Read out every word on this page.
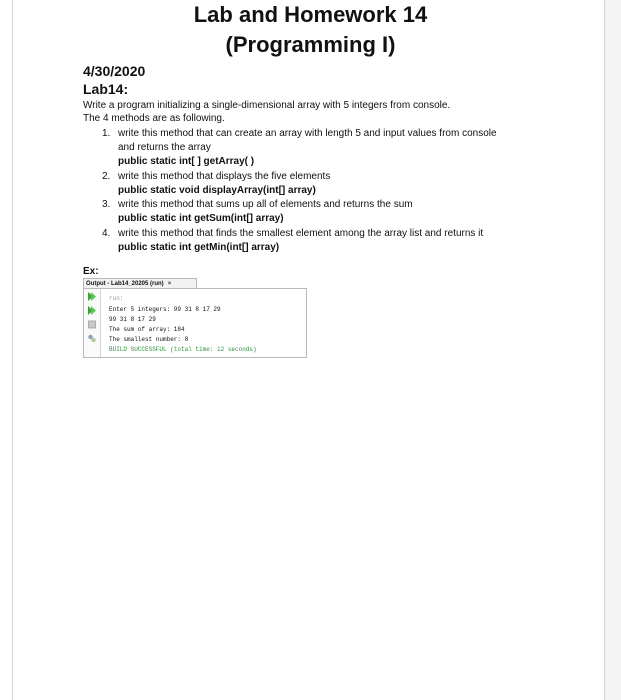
Lab and Homework 14
(Programming I)
4/30/2020
Lab14:
Write a program initializing a single-dimensional array with 5 integers from console.
The 4 methods are as following.
1. write this method that can create an array with length 5 and input values from console
and returns the array
public static int[ ] getArray( )
2. write this method that displays the five elements
public static void displayArray(int[] array)
3. write this method that sums up all of elements and returns the sum
public static int getSum(int[] array)
4. write this method that finds the smallest element among the array list and returns it
public static int getMin(int[] array)
Ex:
Output - Lab14_20205 (run) ×
run:
Enter 5 integers: 99 31 8 17 29
99 31 8 17 29
The sum of array: 184
The smallest number: 8
BUILD SUCCESSFUL (total time: 12 seconds)
